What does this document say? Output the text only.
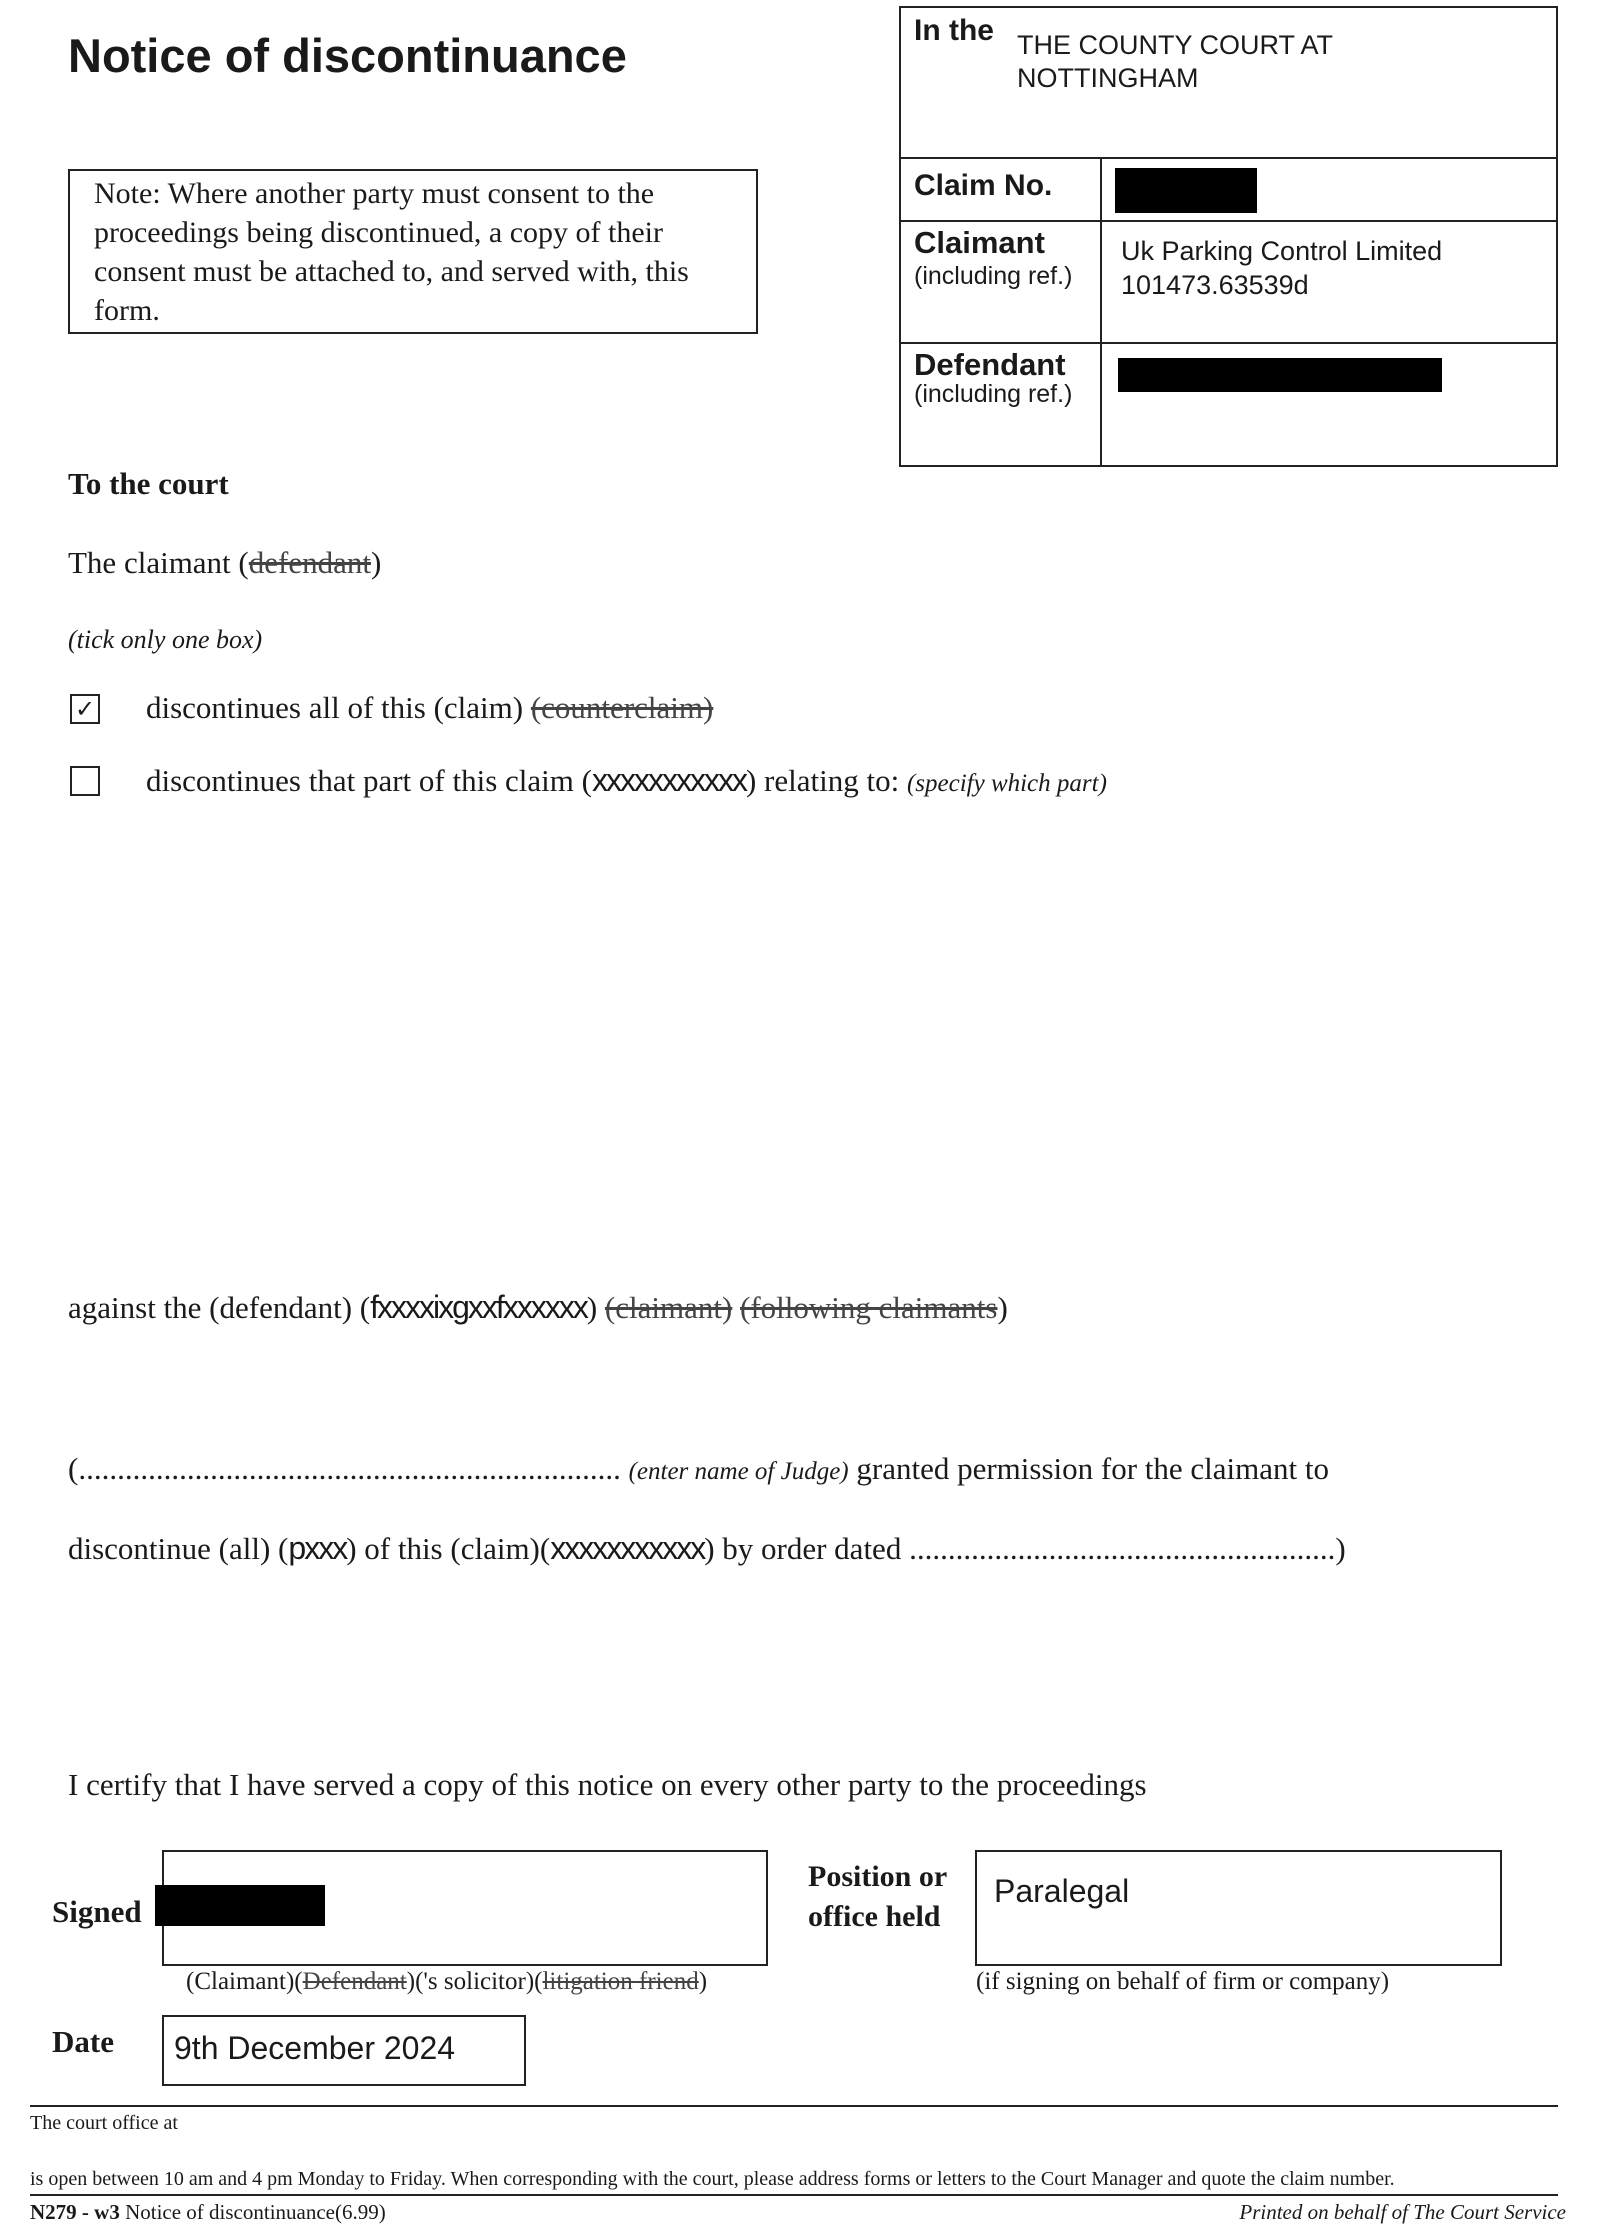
Notice of discontinuance
Note: Where another party must consent to the proceedings being discontinued, a copy of their consent must be attached to, and served with, this form.
In the THE COUNTY COURT AT
NOTTINGHAM
Claim No.
Claimant
(including ref.)
Uk Parking Control Limited
101473.63539d
Defendant
(including ref.)
To the court
The claimant (defendant)
(tick only one box)
✓ discontinues all of this (claim) (counterclaim)
discontinues that part of this claim (xxxxxxxxxxx) relating to: (specify which part)
against the (defendant) (fxxxxixgxxfxxxxxx) (claimant) (following claimants)
(...................................................................... (enter name of Judge) granted permission for the claimant to
discontinue (all) (pxxx) of this (claim)(xxxxxxxxxxx) by order dated .......................................................)
I certify that I have served a copy of this notice on every other party to the proceedings
Signed
(Claimant)(Defendant)('s solicitor)(litigation friend)
Position or
office held
Paralegal
(if signing on behalf of firm or company)
Date 9th December 2024
The court office at
is open between 10 am and 4 pm Monday to Friday. When corresponding with the court, please address forms or letters to the Court Manager and quote the claim number.
N279 - w3 Notice of discontinuance(6.99)	Printed on behalf of The Court Service
